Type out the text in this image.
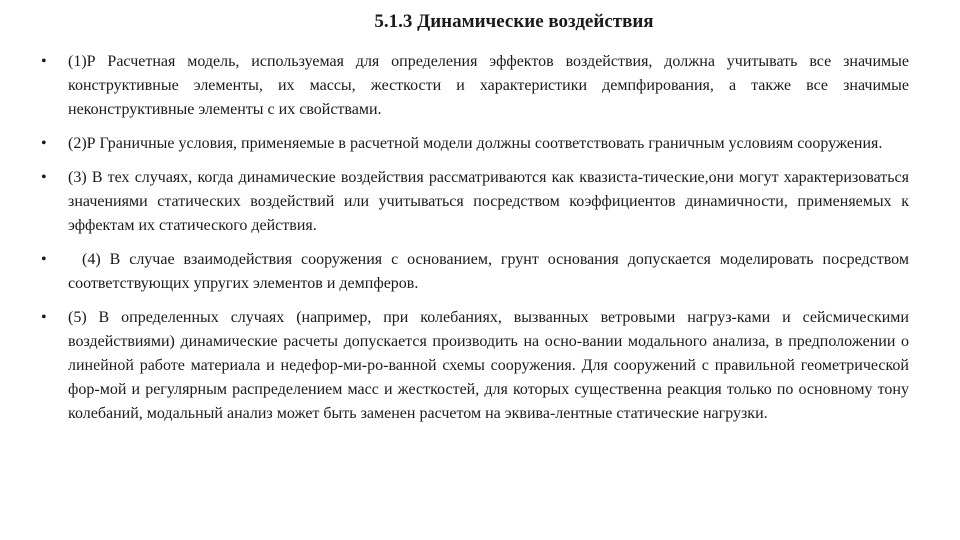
5.1.3 Динамические воздействия
• (1)Р Расчетная модель, используемая для определения эффектов воздействия, должна учитывать все значимые конструктивные элементы, их массы, жесткости и характеристики демпфирования, а также все значимые неконструктивные элементы с их свойствами.
• (2)Р Граничные условия, применяемые в расчетной модели должны соответствовать граничным условиям сооружения.
• (3) В тех случаях, когда динамические воздействия рассматриваются как квазиста-тические,они могут характеризоваться значениями статических воздействий или учитываться посредством коэффициентов динамичности, применяемых к эффектам их статического действия.
•	(4) В случае взаимодействия сооружения с основанием, грунт основания допускается моделировать посредством соответствующих упругих элементов и демпферов.
• (5) В определенных случаях (например, при колебаниях, вызванных ветровыми нагруз-ками и сейсмическими воздействиями) динамические расчеты допускается производить на осно-вании модального анализа, в предположении о линейной работе материала и недефор-ми-ро-ванной схемы сооружения. Для сооружений с правильной геометрической фор-мой и регулярным распределением масс и жесткостей, для которых существенна реакция только по основному тону колебаний, модальный анализ может быть заменен расчетом на эквива-лентные статические нагрузки.
